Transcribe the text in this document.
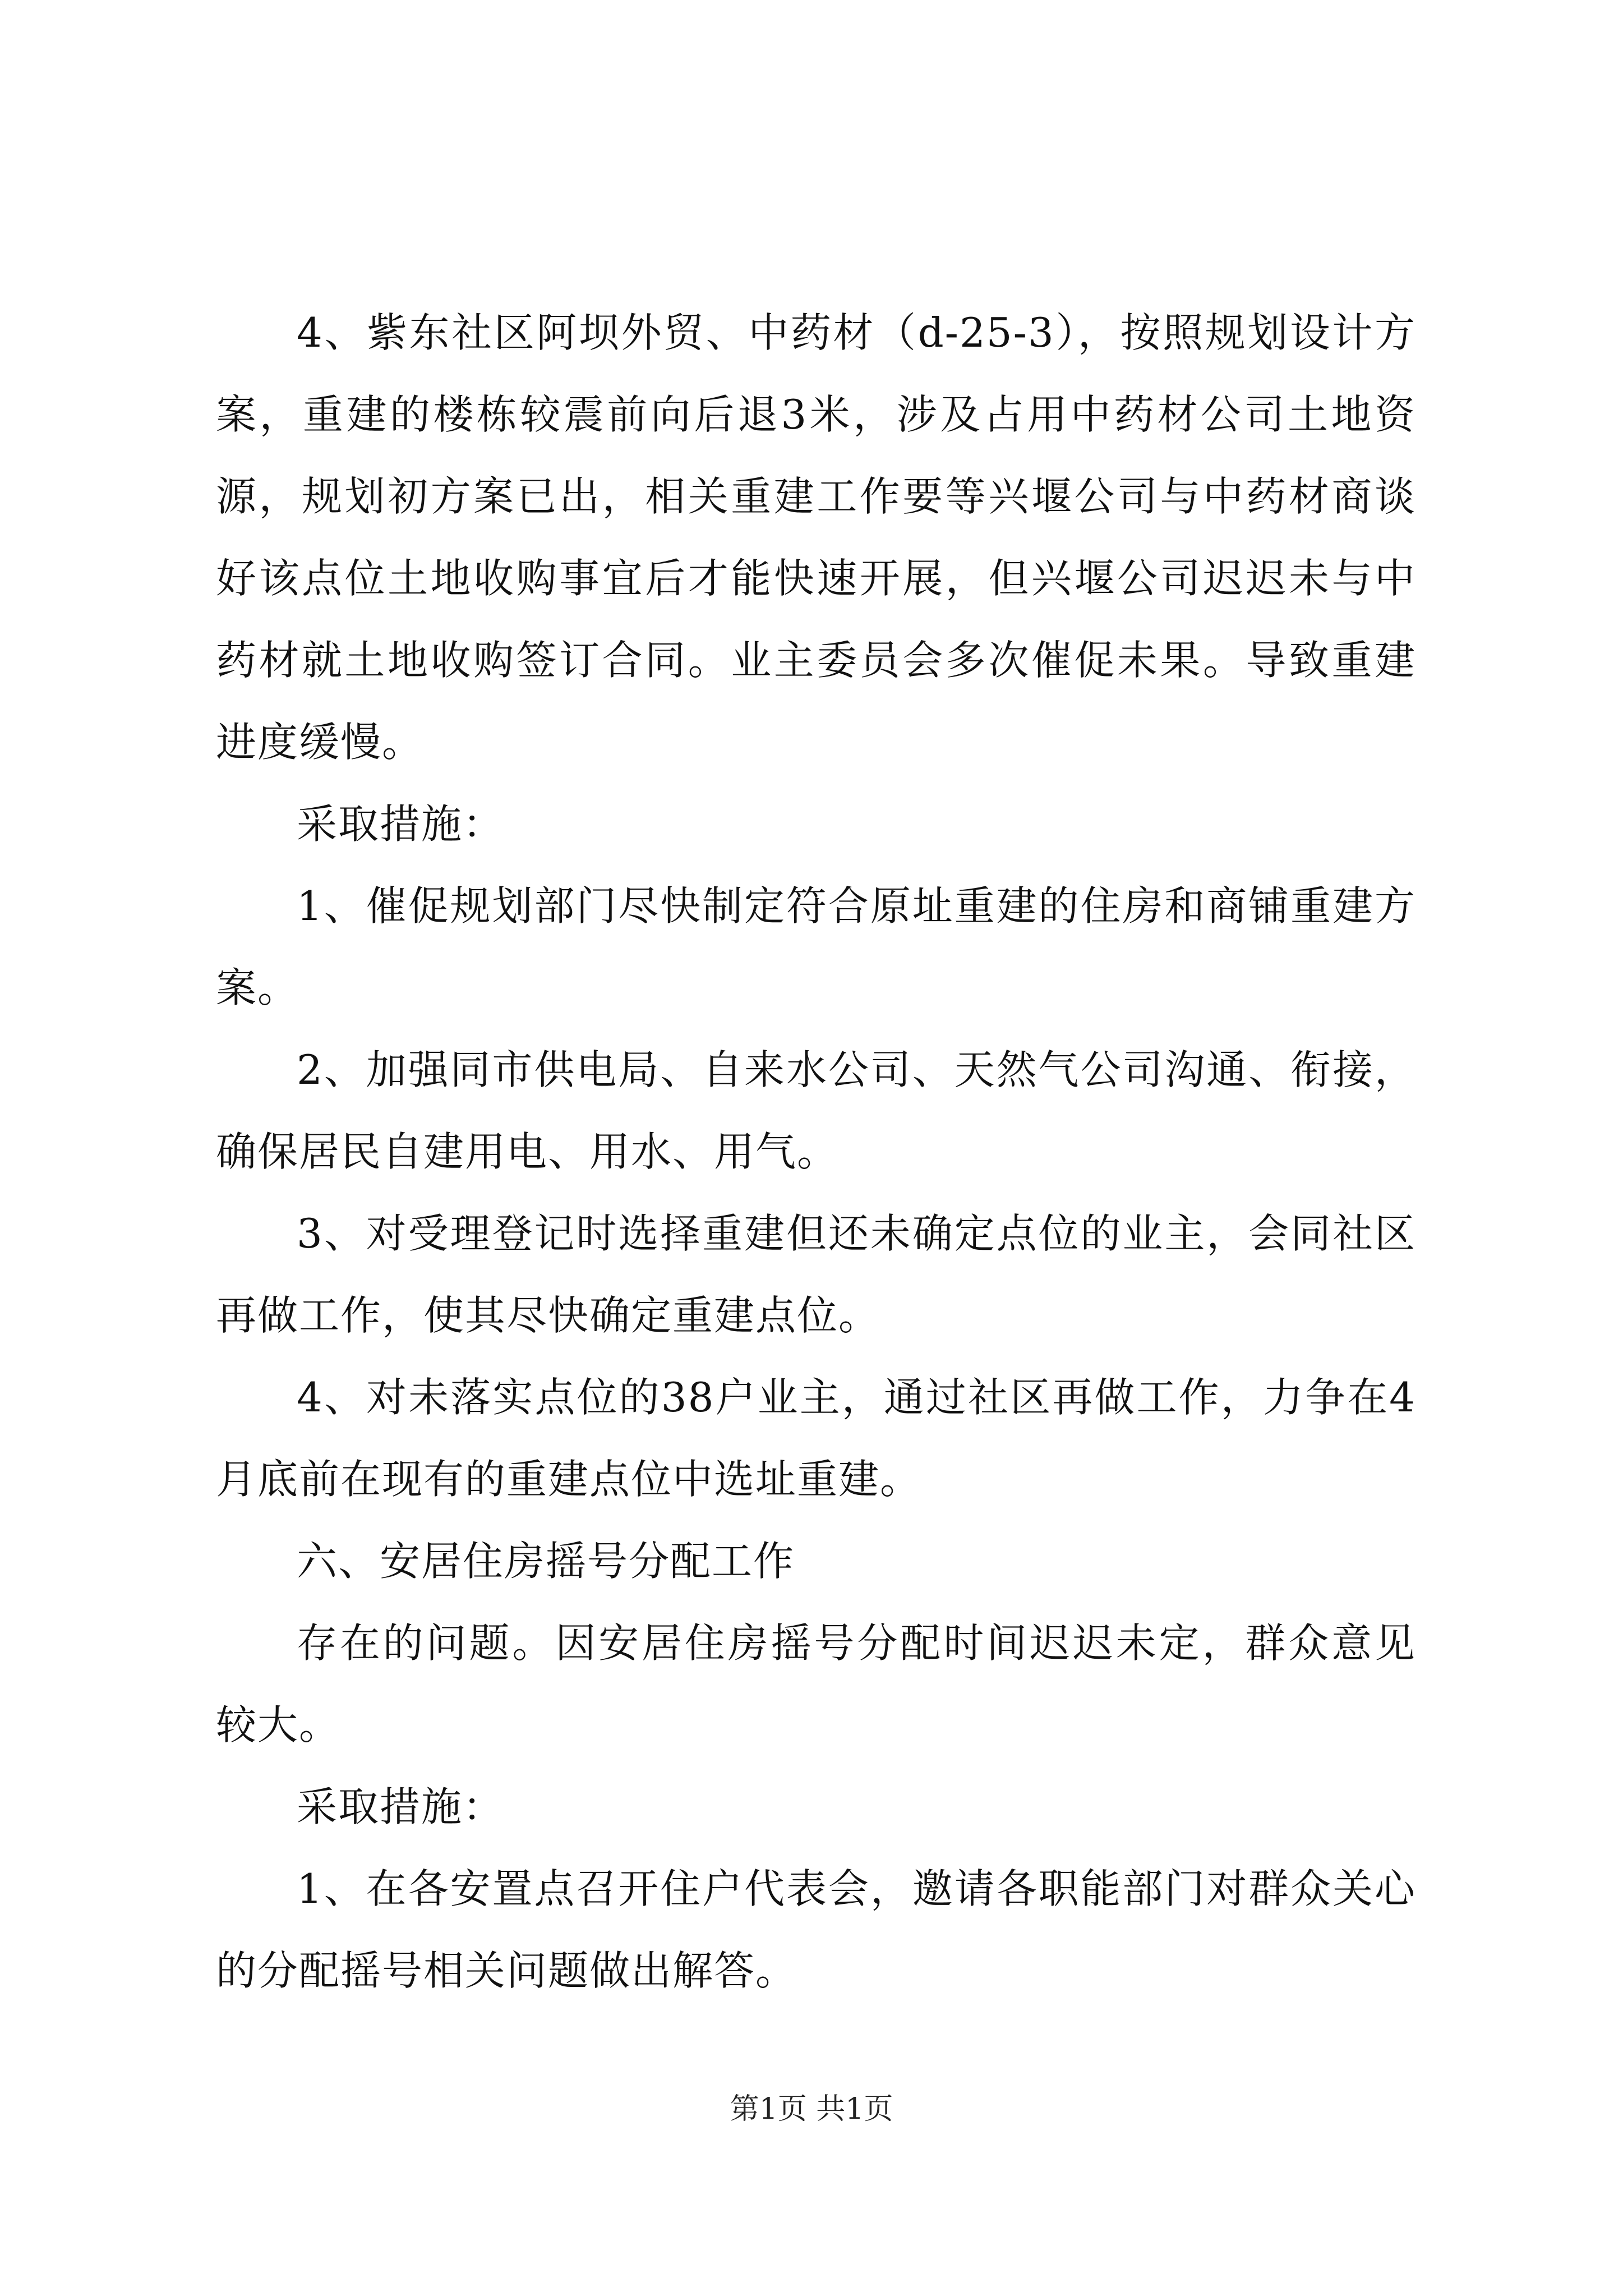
4、紫东社区阿坝外贸、中药材（d-25-3），按照规划设计方案，重建的楼栋较震前向后退3米，涉及占用中药材公司土地资源，规划初方案已出，相关重建工作要等兴堰公司与中药材商谈好该点位土地收购事宜后才能快速开展，但兴堰公司迟迟未与中药材就土地收购签订合同。业主委员会多次催促未果。导致重建进度缓慢。

采取措施：

1、催促规划部门尽快制定符合原址重建的住房和商铺重建方案。

2、加强同市供电局、自来水公司、天然气公司沟通、衔接，确保居民自建用电、用水、用气。

3、对受理登记时选择重建但还未确定点位的业主，会同社区再做工作，使其尽快确定重建点位。

4、对未落实点位的38户业主，通过社区再做工作，力争在4月底前在现有的重建点位中选址重建。

六、安居住房摇号分配工作

存在的问题。因安居住房摇号分配时间迟迟未定，群众意见较大。

采取措施：

1、在各安置点召开住户代表会，邀请各职能部门对群众关心的分配摇号相关问题做出解答。

第1页 共1页
